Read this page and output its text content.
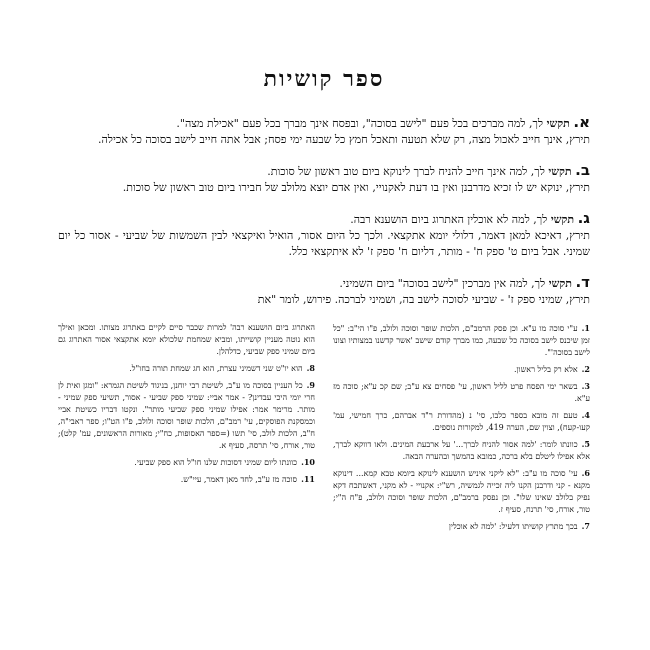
ספר קושיות

א. תקשי לך, למה מברכים בכל פעם "לישב בסוכה", ובפסח אינך מברך בכל פעם "אכילת מצה".

תירץ, אינך חייב לאכול מצה, רק שלא תטעה ותאכל חמץ כל שבעה ימי פסח; אבל אתה חייב לישב בסוכה כל אכילה.

ב. תקשי לך, למה אינך חייב להניח לברך לינוקא ביום טוב ראשון של סוכות.

תירץ, ינוקא יש לו זכיא מדרבנן ואין בו דעת לאקנויי, ואין אדם יוצא מלולב של חבירו ביום טוב ראשון של סוכות.

ג. תקשי לך, למה לא אוכלין האתרוג ביום הושענא רבה.

תירץ, דאיכא למאן דאמר, דלולי יומא אתקצאי. ולכך כל היום אסור, הואיל ואיקצאי לבין השמשות של שביעי - אסור כל יום שמיני. אבל ביום ט' ספק ח' - מותר, דליום ח' ספק ז' לא איתקצאי כלל.

ד. תקשי לך, למה אין מברכין "לישב בסוכה" ביום השמיני.

תירץ, שמיני ספק ז' - שביעי לסוכה לישב בה, ושמיני לברכה. פירוש, לומר "את

1.ע"י סוכה מו ע"א. וכן פסק הרמב"ם, הלכות שופר וסוכה ולולב, פ"ו הי"ב: "כל זמן שיכנס לישב בסוכה כל שבעה, כמו מברך קודם שישב 'אשר קדשנו במצותיו וצונו לישב בסוכה'".

2.אלא רק בליל ראשון.

3.בשאר ימי הפסח פרט לליל ראשון, עי' פסחים צא ע"ב; שם קכ ע"א; סוכה מז ע"א.

4.טעם זה מובא בספר כלבו, סי' נ (מהדורת ר"ד אברהם, כרך חמישי, עמ' קעו-קעח), וצוין שם, הערה 419, למקורות נוספים.

5.כוונתו לומר: 'למה אסור להניח לברך...' על ארבעת המינים. ולאו דווקא לברך, אלא אפילו ליטלם בלא ברכה, כמובא בהמשך ובהערה הבאה.

6.עי' סוכה מו ע"ב: "לא ליקני איניש הושענא לינוקא ביומא טבא קמא... דינוקא מקנא - קני ודרבנן הקנו ליה זכייה לגמשיה, רש"י: אקנויי - לא מקני, דאשתכח דקא נפיק בלולב שאינו שלו". וכן נפסק ברמב"ם, הלכות שופר וסוכה ולולב, פ"ח ה"י; טור, אורח, סי' תרנח, סעיף ז.

7.בכך מתרץ קושיתו דלעיל: 'למה לא אוכלין

האתרוג ביום הושענא רבה' למרות שכבר סיים לקיים באתרוג מצותו. ומכאן ואילך הוא נוטה מעניין קושייתו, ומביא שמחמת שלכולא יומא אתקצאי אסור האתרוג גם ביום שמיני ספק שביעי, כדלהלן.

8.הוא יו"ט שני דשמיני עצרת, הוא חג שמחת תורה בחו"ל.

9.כל העניין בסוכה מו ע"ב, לשיטת רבי יוחנן, בניגוד לשיטת הגמרא: "ומגן ואית לן חרי יומי היכי עבדינן? - אמר אביי: שמיני ספק שביעי - אסור, תשיעי ספק שמיני - מותר. מרימר אמר: אפילו שמיני ספק שביעי מותר". ונקטו דבריו כשיטת אביי וכמסקנת הפוסקים, עי' רמב"ם, הלכות שופר וסוכה ולולב, פ"ו הט"ו; ספר ראבי"ה, ח"ב, הלכות לולב, סי' תשו (=ספר האסופות, כח"י; מאורות הראשונים, עמ' קלט); טור, אורח, סי' תרסה, סעיף א.

10.כוונתו ליום שמיני דסוכות שלנו חו"ל הוא ספק שביעי.

11.סוכה מז ע"ב, לחד מאן דאמר, עיי"ש.
